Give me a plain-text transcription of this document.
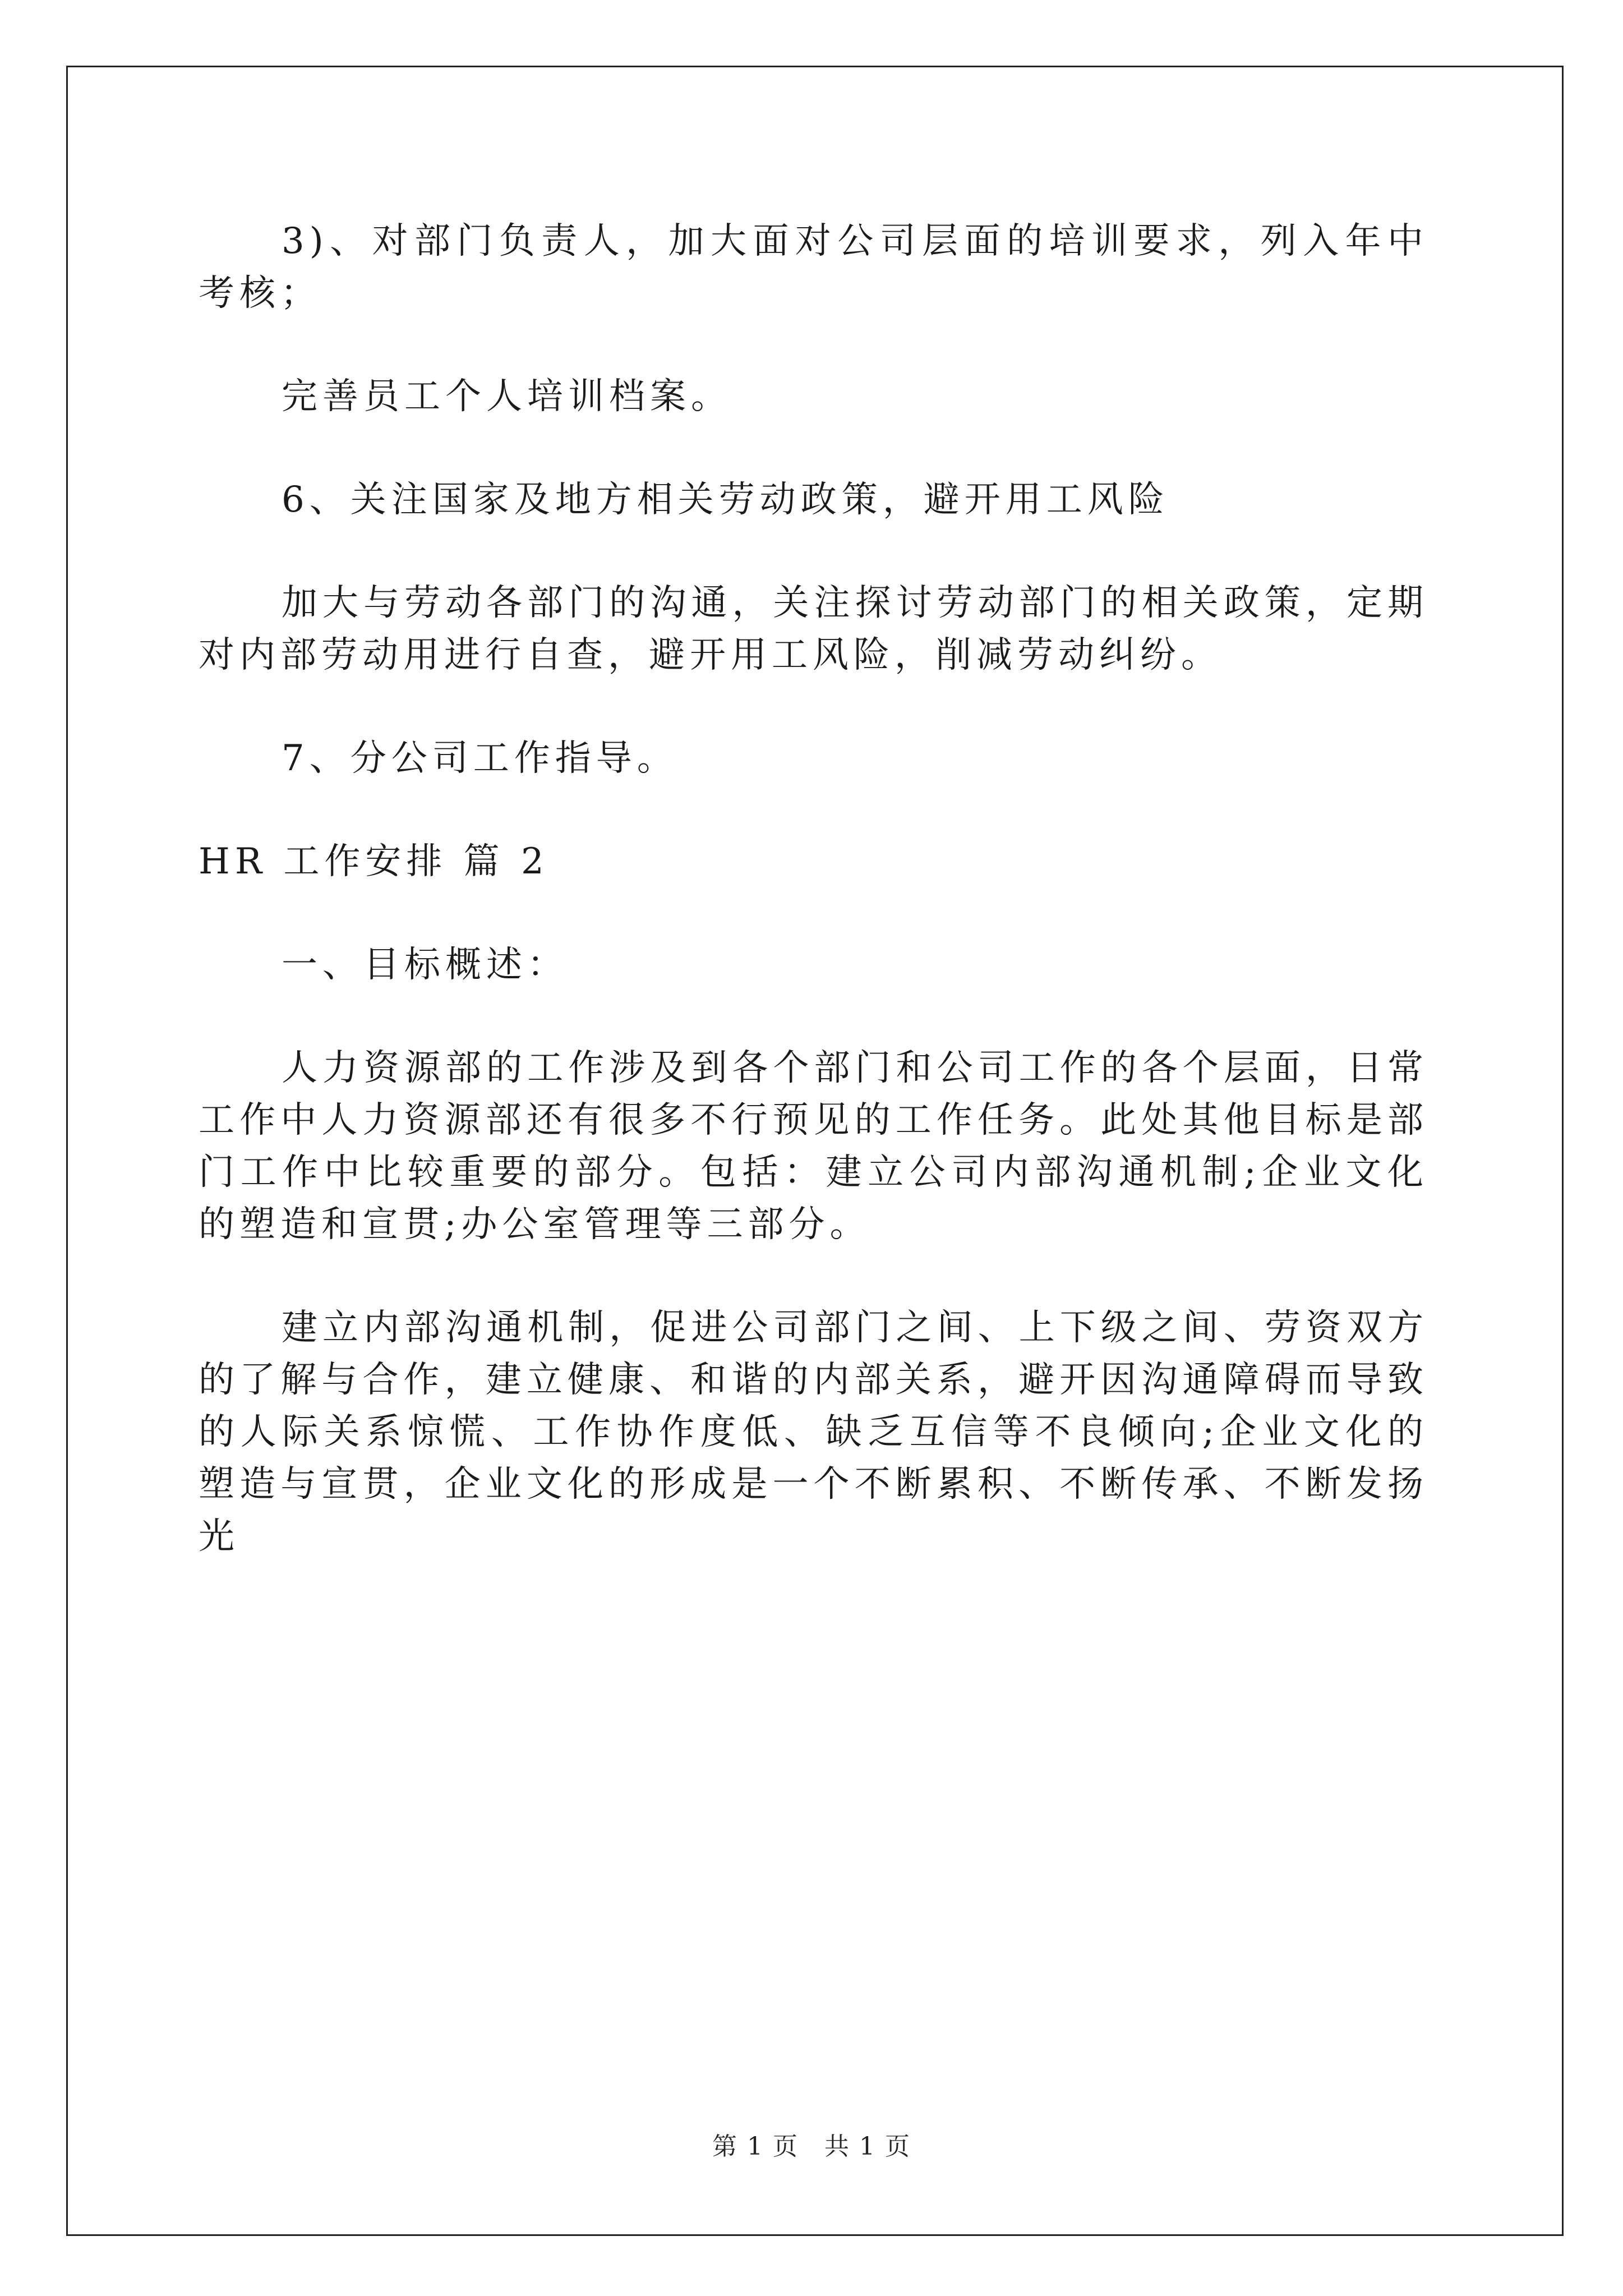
3)、对部门负责人，加大面对公司层面的培训要求，列入年中考核；

完善员工个人培训档案。

6、关注国家及地方相关劳动政策，避开用工风险

加大与劳动各部门的沟通，关注探讨劳动部门的相关政策，定期对内部劳动用进行自查，避开用工风险，削减劳动纠纷。

7、分公司工作指导。

HR 工作安排 篇 2

一、目标概述：

人力资源部的工作涉及到各个部门和公司工作的各个层面，日常工作中人力资源部还有很多不行预见的工作任务。此处其他目标是部门工作中比较重要的部分。包括：建立公司内部沟通机制;企业文化的塑造和宣贯;办公室管理等三部分。

建立内部沟通机制，促进公司部门之间、上下级之间、劳资双方的了解与合作，建立健康、和谐的内部关系，避开因沟通障碍而导致的人际关系惊慌、工作协作度低、缺乏互信等不良倾向;企业文化的塑造与宣贯，企业文化的形成是一个不断累积、不断传承、不断发扬光

第 1 页　共 1 页
